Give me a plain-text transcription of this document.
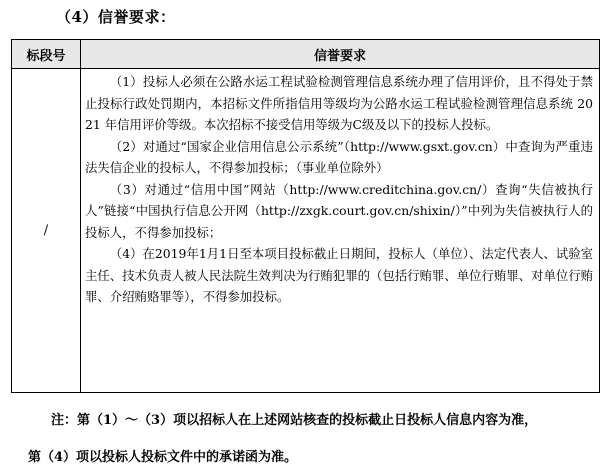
（4）信誉要求：
标段号	信誉要求
/	（1）投标人必须在公路水运工程试验检测管理信息系统办理了信用评价，且不得处于禁止投标行政处罚期内，本招标文件所指信用等级均为公路水运工程试验检测管理信息系统 2021 年信用评价等级。本次招标不接受信用等级为C级及以下的投标人投标。

（2）对通过“国家企业信用信息公示系统”（http://www.gsxt.gov.cn）中查询为严重违法失信企业的投标人，不得参加投标；（事业单位除外）

（3）对通过“信用中国”网站（http://www.creditchina.gov.cn/）查询“失信被执行人”链接“中国执行信息公开网（http://zxgk.court.gov.cn/shixin/）”中列为失信被执行人的投标人，不得参加投标；

（4）在2019年1月1日至本项目投标截止日期间，投标人（单位）、法定代表人、试验室主任、技术负责人被人民法院生效判决为行贿犯罪的（包括行贿罪、单位行贿罪、对单位行贿罪、介绍贿赂罪等），不得参加投标。

注：第（1）～（3）项以招标人在上述网站核查的投标截止日投标人信息内容为准，
第（4）项以投标人投标文件中的承诺函为准。
